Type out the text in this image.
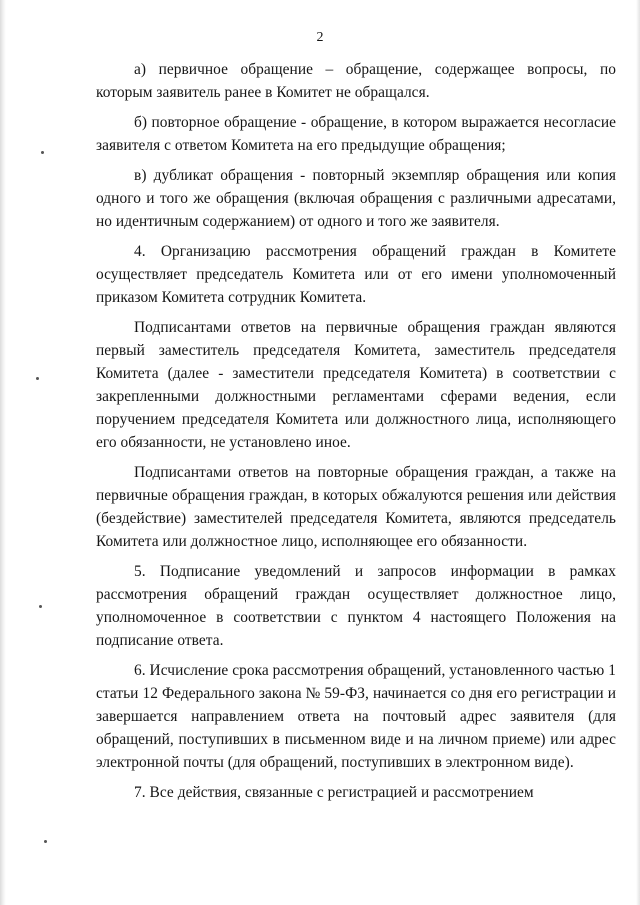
2

а) первичное обращение – обращение, содержащее вопросы, по которым заявитель ранее в Комитет не обращался.

б) повторное обращение - обращение, в котором выражается несогласие заявителя с ответом Комитета на его предыдущие обращения;

в) дубликат обращения - повторный экземпляр обращения или копия одного и того же обращения (включая обращения с различными адресатами, но идентичным содержанием) от одного и того же заявителя.

4. Организацию рассмотрения обращений граждан в Комитете осуществляет председатель Комитета или от его имени уполномоченный приказом Комитета сотрудник Комитета.

Подписантами ответов на первичные обращения граждан являются первый заместитель председателя Комитета, заместитель председателя Комитета (далее - заместители председателя Комитета) в соответствии с закрепленными должностными регламентами сферами ведения, если поручением председателя Комитета или должностного лица, исполняющего его обязанности, не установлено иное.

Подписантами ответов на повторные обращения граждан, а также на первичные обращения граждан, в которых обжалуются решения или действия (бездействие) заместителей председателя Комитета, являются председатель Комитета или должностное лицо, исполняющее его обязанности.

5. Подписание уведомлений и запросов информации в рамках рассмотрения обращений граждан осуществляет должностное лицо, уполномоченное в соответствии с пунктом 4 настоящего Положения на подписание ответа.

6. Исчисление срока рассмотрения обращений, установленного частью 1 статьи 12 Федерального закона № 59-ФЗ, начинается со дня его регистрации и завершается направлением ответа на почтовый адрес заявителя (для обращений, поступивших в письменном виде и на личном приеме) или адрес электронной почты (для обращений, поступивших в электронном виде).

7. Все действия, связанные с регистрацией и рассмотрением
